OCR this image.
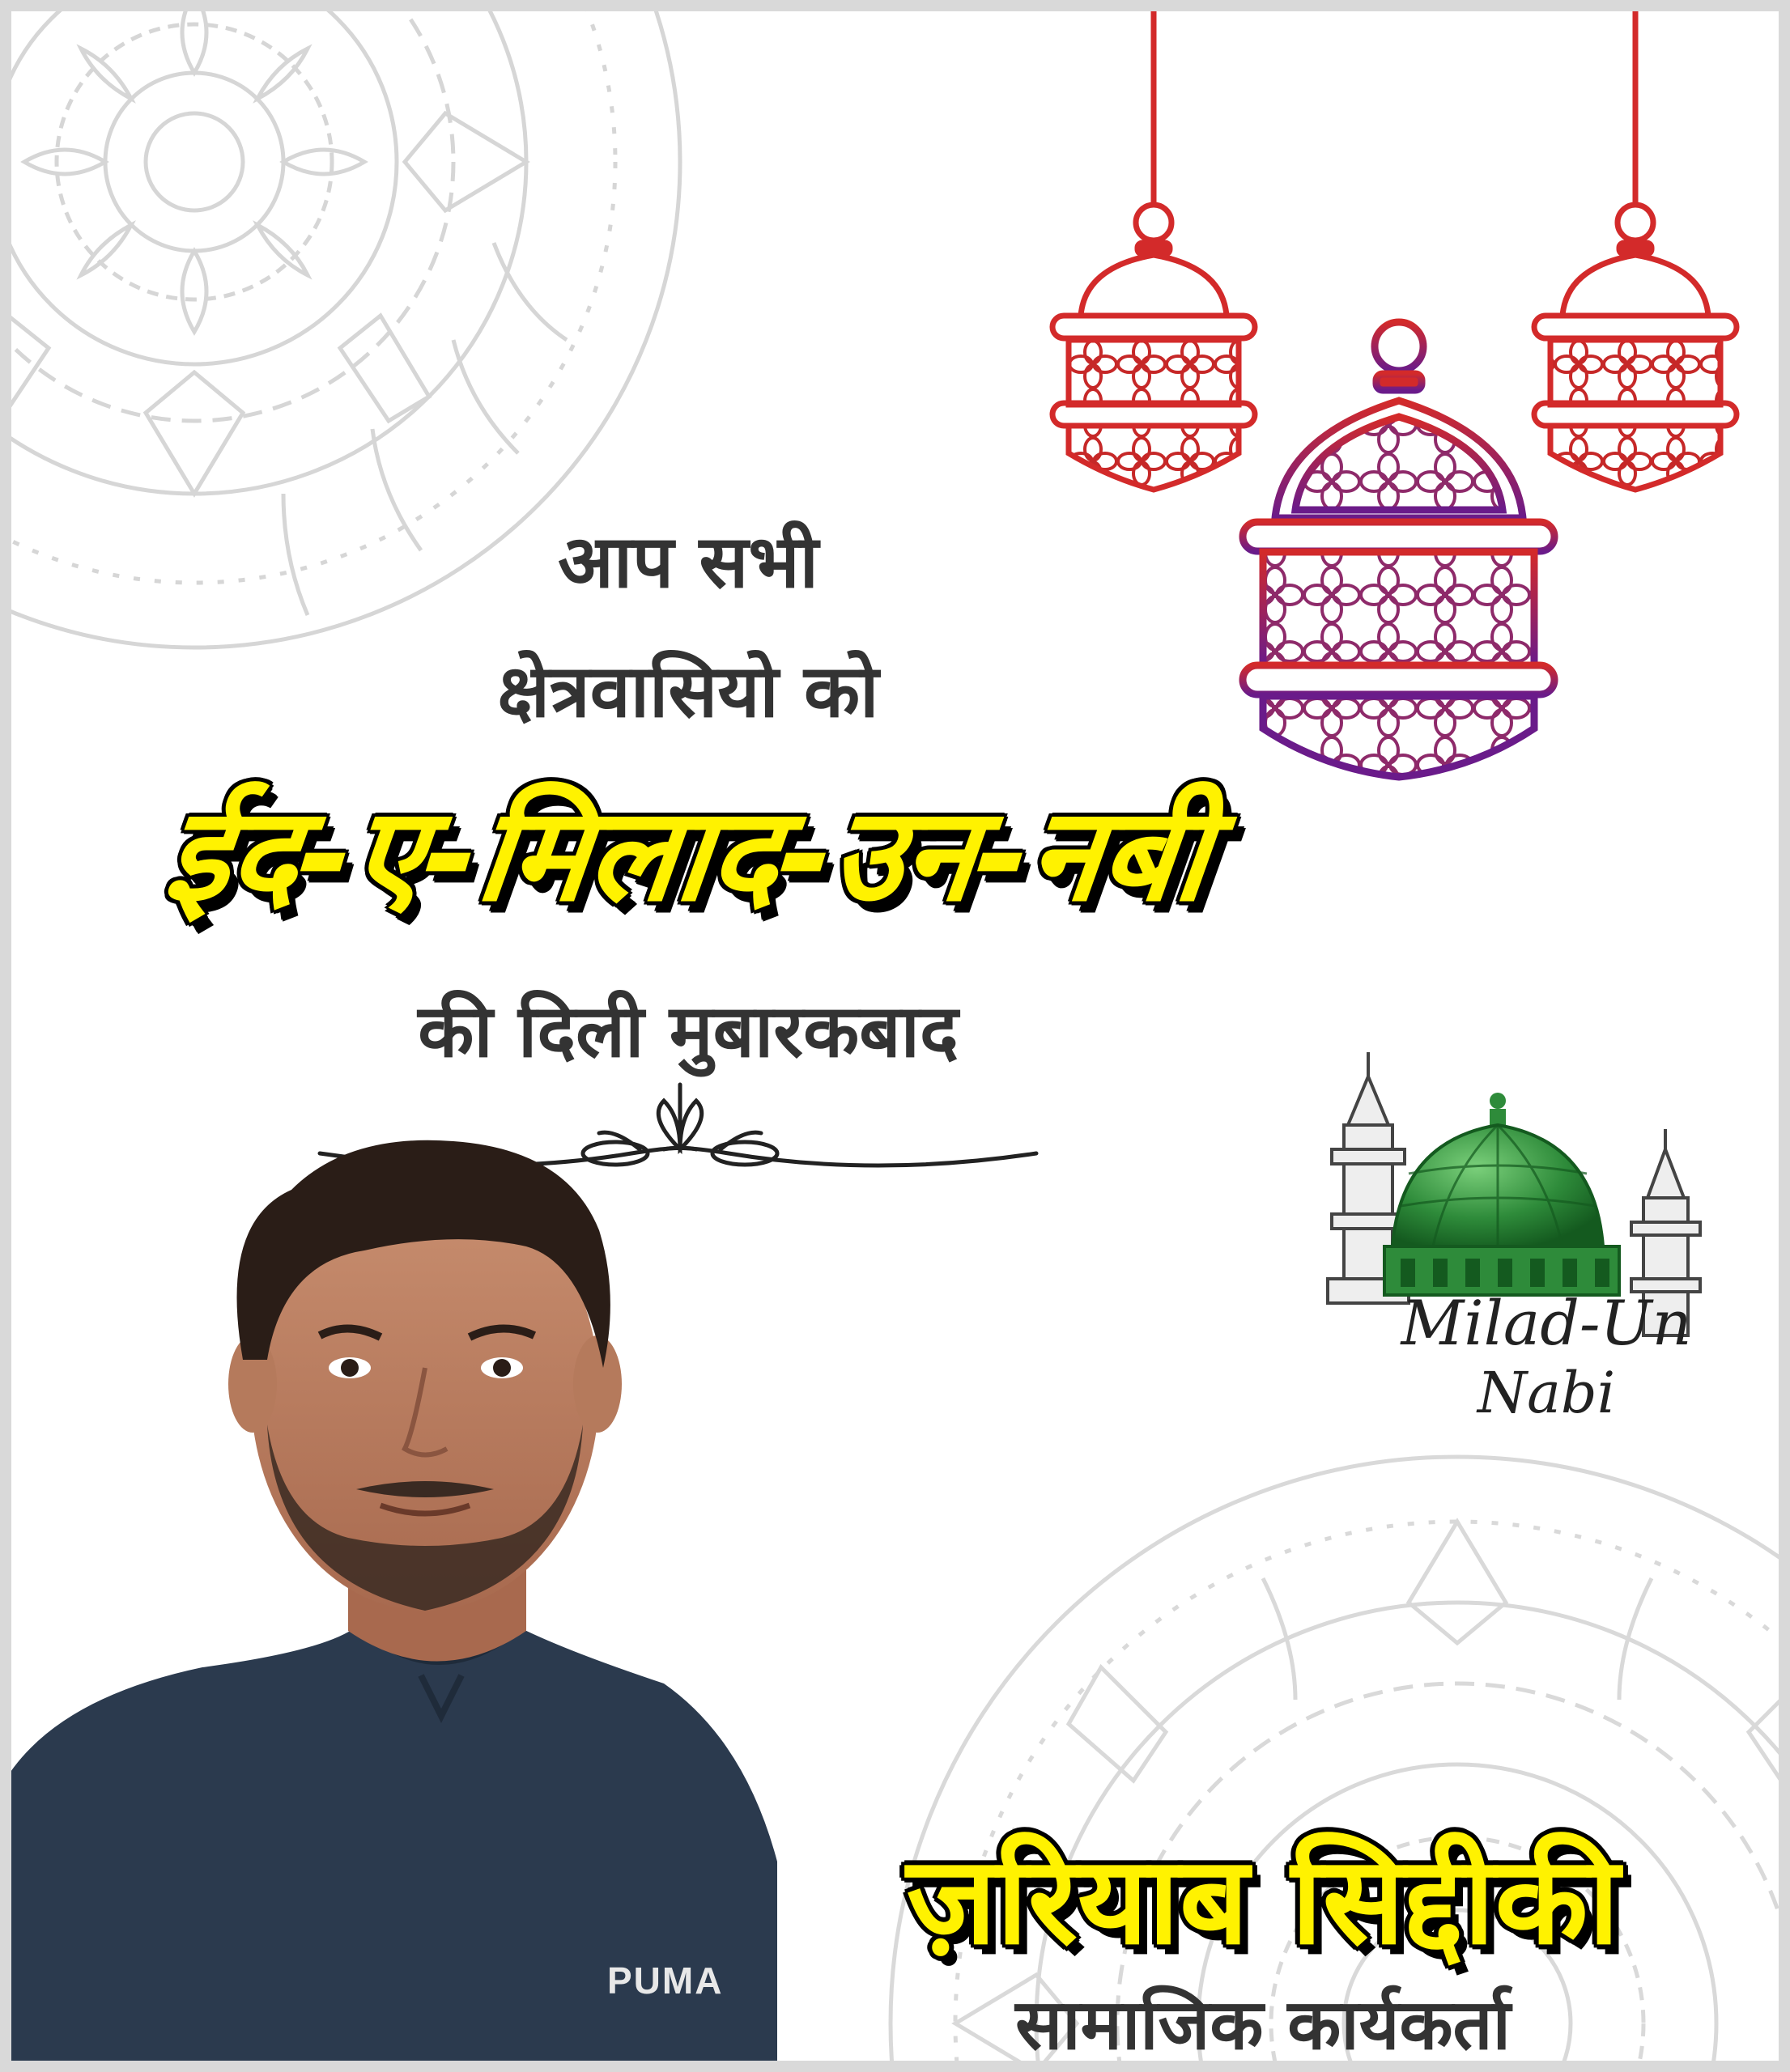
Milad-Un
Nabi
PUMA
आप सभी
क्षेत्रवासियो को
ईद-ए-मिलाद-उन-नबी
की दिली मुबारकबाद
ज़रियाब सिद्दीकी
सामाजिक कार्यकर्ता
